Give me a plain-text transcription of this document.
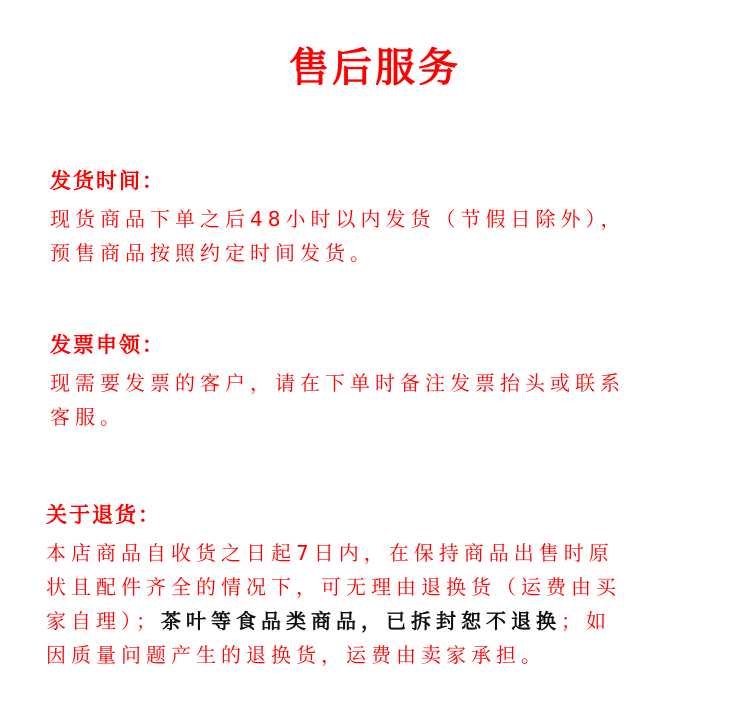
售后服务
发货时间：
现货商品下单之后48小时以内发货（节假日除外），
预售商品按照约定时间发货。
发票申领：
现需要发票的客户，请在下单时备注发票抬头或联系
客服。
关于退货：
本店商品自收货之日起7日内，在保持商品出售时原
状且配件齐全的情况下，可无理由退换货（运费由买
家自理）；茶叶等食品类商品，已拆封恕不退换；如
因质量问题产生的退换货，运费由卖家承担。
